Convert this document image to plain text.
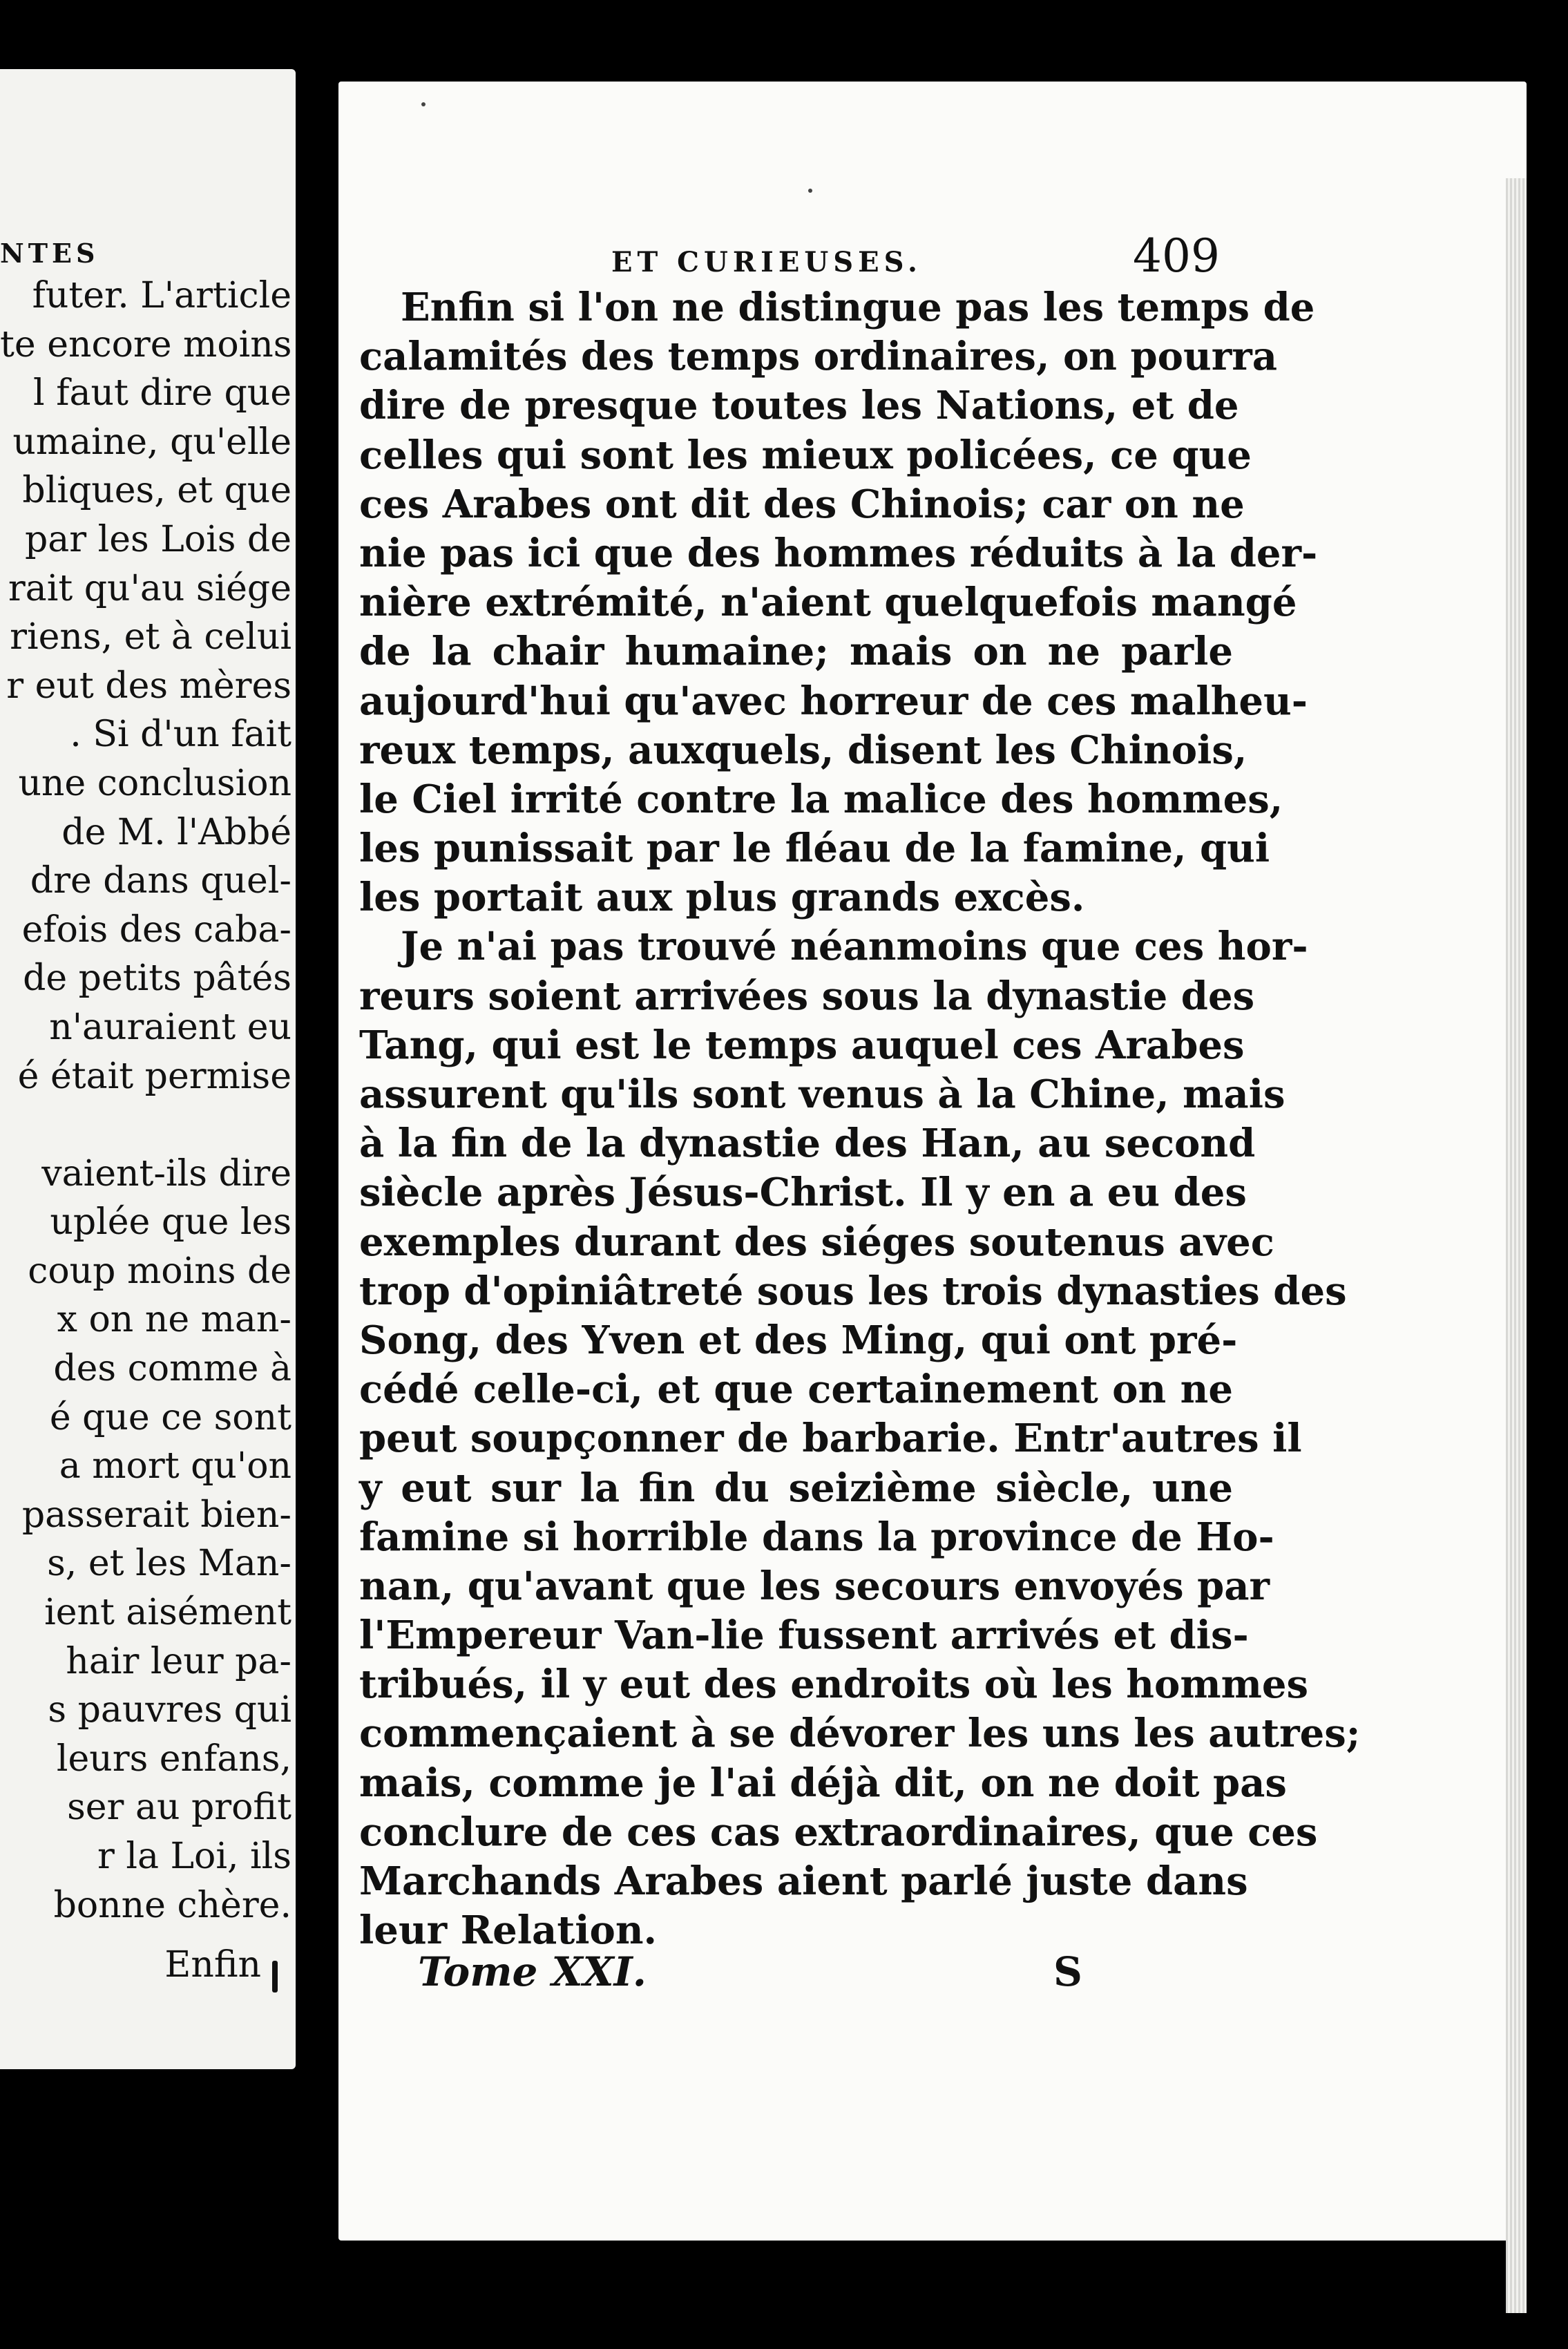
NTES
futer. L'article
te encore moins
l faut dire que
umaine, qu'elle
bliques, et que
par les Lois de
rait qu'au siége
riens, et à celui
r eut des mères
. Si d'un fait
une conclusion
de M. l'Abbé
dre dans quel-
efois des caba-
de petits pâtés
n'auraient eu
é était permise
vaient-ils dire
uplée que les
coup moins de
x on ne man-
des comme à
é que ce sont
a mort qu'on
passerait bien-
s, et les Man-
ient aisément
hair leur pa-
s pauvres qui
leurs enfans,
ser au profit
r la Loi, ils
bonne chère.
Enfin
ET CURIEUSES.	409
Enfin si l'on ne distingue pas les temps de
calamités des temps ordinaires, on pourra
dire de presque toutes les Nations, et de
celles qui sont les mieux policées, ce que
ces Arabes ont dit des Chinois; car on ne
nie pas ici que des hommes réduits à la der-
nière extrémité, n'aient quelquefois mangé
de la chair humaine; mais on ne parle
aujourd'hui qu'avec horreur de ces malheu-
reux temps, auxquels, disent les Chinois,
le Ciel irrité contre la malice des hommes,
les punissait par le fléau de la famine, qui
les portait aux plus grands excès.
Je n'ai pas trouvé néanmoins que ces hor-
reurs soient arrivées sous la dynastie des
Tang, qui est le temps auquel ces Arabes
assurent qu'ils sont venus à la Chine, mais
à la fin de la dynastie des Han, au second
siècle après Jésus-Christ. Il y en a eu des
exemples durant des siéges soutenus avec
trop d'opiniâtreté sous les trois dynasties des
Song, des Yven et des Ming, qui ont pré-
cédé celle-ci, et que certainement on ne
peut soupçonner de barbarie. Entr'autres il
y eut sur la fin du seizième siècle, une
famine si horrible dans la province de Ho-
nan, qu'avant que les secours envoyés par
l'Empereur Van-lie fussent arrivés et dis-
tribués, il y eut des endroits où les hommes
commençaient à se dévorer les uns les autres;
mais, comme je l'ai déjà dit, on ne doit pas
conclure de ces cas extraordinaires, que ces
Marchands Arabes aient parlé juste dans
leur Relation.
Tome XXI.	S
